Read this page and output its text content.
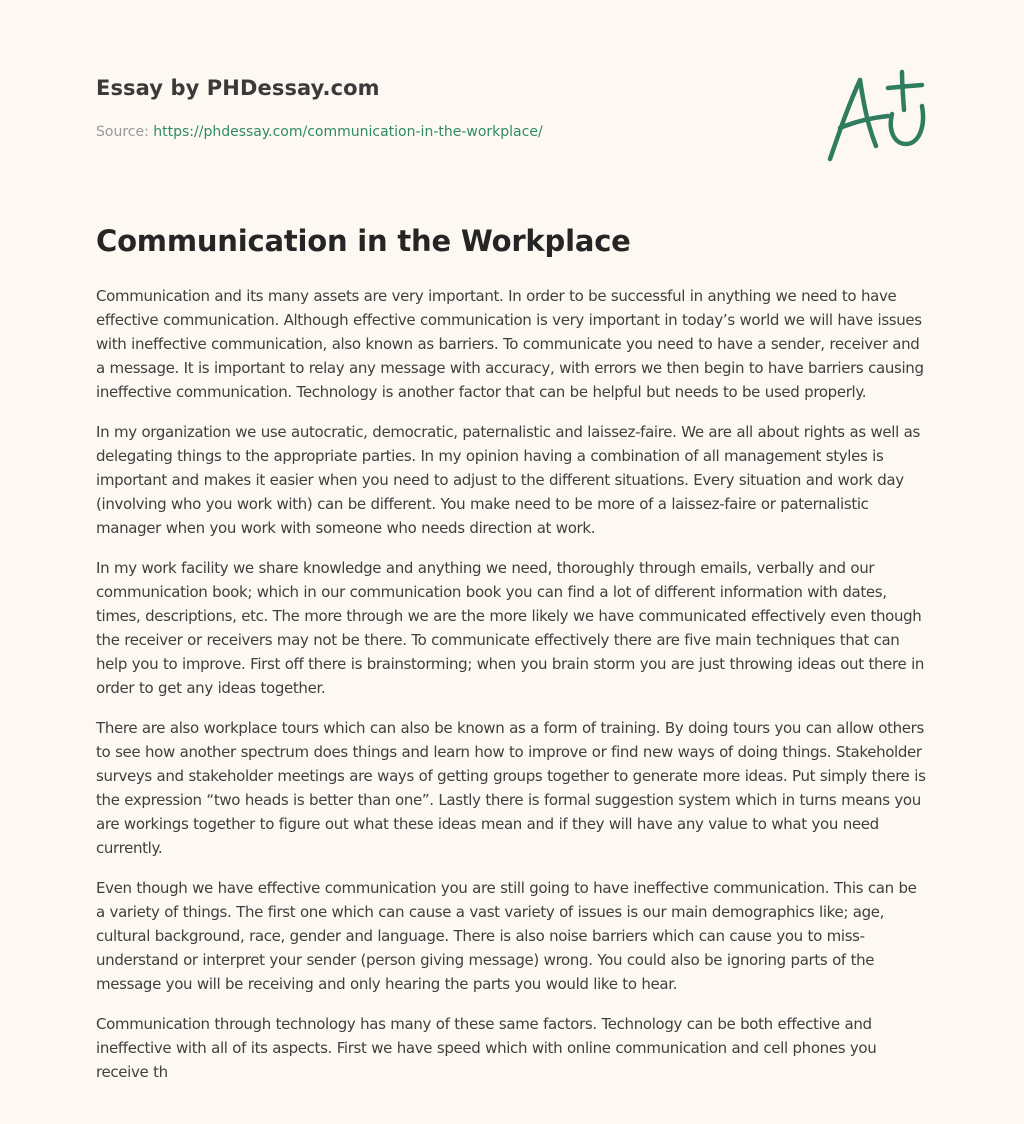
Essay by PHDessay.com
Source: https://phdessay.com/communication-in-the-workplace/
Communication in the Workplace

Communication and its many assets are very important. In order to be successful in anything we need to have effective communication. Although effective communication is very important in today’s world we will have issues with ineffective communication, also known as barriers. To communicate you need to have a sender, receiver and a message. It is important to relay any message with accuracy, with errors we then begin to have barriers causing ineffective communication. Technology is another factor that can be helpful but needs to be used properly.

In my organization we use autocratic, democratic, paternalistic and laissez-faire. We are all about rights as well as delegating things to the appropriate parties. In my opinion having a combination of all management styles is important and makes it easier when you need to adjust to the different situations. Every situation and work day (involving who you work with) can be different. You make need to be more of a laissez-faire or paternalistic manager when you work with someone who needs direction at work.

In my work facility we share knowledge and anything we need, thoroughly through emails, verbally and our communication book; which in our communication book you can find a lot of different information with dates, times, descriptions, etc. The more through we are the more likely we have communicated effectively even though the receiver or receivers may not be there. To communicate effectively there are five main techniques that can help you to improve. First off there is brainstorming; when you brain storm you are just throwing ideas out there in order to get any ideas together.

There are also workplace tours which can also be known as a form of training. By doing tours you can allow others to see how another spectrum does things and learn how to improve or find new ways of doing things. Stakeholder surveys and stakeholder meetings are ways of getting groups together to generate more ideas. Put simply there is the expression “two heads is better than one”. Lastly there is formal suggestion system which in turns means you are workings together to figure out what these ideas mean and if they will have any value to what you need currently.

Even though we have effective communication you are still going to have ineffective communication. This can be a variety of things. The first one which can cause a vast variety of issues is our main demographics like; age, cultural background, race, gender and language. There is also noise barriers which can cause you to miss-understand or interpret your sender (person giving message) wrong. You could also be ignoring parts of the message you will be receiving and only hearing the parts you would like to hear.

Communication through technology has many of these same factors. Technology can be both effective and ineffective with all of its aspects. First we have speed which with online communication and cell phones you receive th
